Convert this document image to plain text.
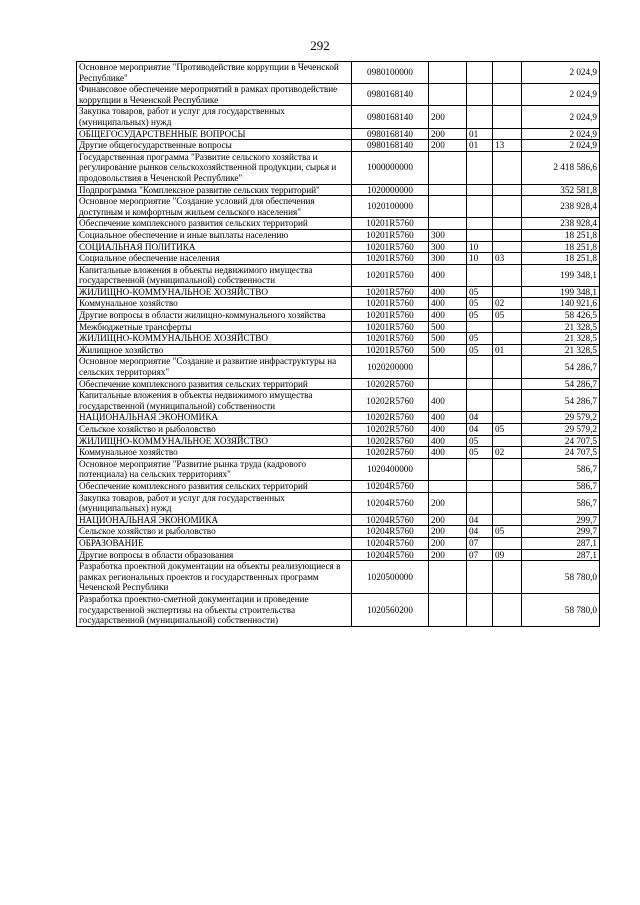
292
Основное мероприятие "Противодействие коррупции в Чеченской Республике"	0980100000				2 024,9
Финансовое обеспечение мероприятий в рамках противодействие коррупции в Чеченской Республике	0980168140				2 024,9
Закупка товаров, работ и услуг для государственных (муниципальных) нужд	0980168140	200			2 024,9
ОБЩЕГОСУДАРСТВЕННЫЕ ВОПРОСЫ	0980168140	200	01		2 024,9
Другие общегосударственные вопросы	0980168140	200	01	13	2 024,9
Государственная программа "Развитие сельского хозяйства и регулирование рынков сельскохозяйственной продукции, сырья и продовольствия в Чеченской Республике"	1000000000				2 418 586,6
Подпрограмма "Комплексное развитие сельских территорий"	1020000000				352 581,8
Основное мероприятие "Создание условий для обеспечения доступным и комфортным жильем сельского населения"	1020100000				238 928,4
Обеспечение комплексного развития сельских территорий	10201R5760				238 928,4
Социальное обеспечение и иные выплаты населению	10201R5760	300			18 251,8
СОЦИАЛЬНАЯ ПОЛИТИКА	10201R5760	300	10		18 251,8
Социальное обеспечение населения	10201R5760	300	10	03	18 251,8
Капитальные вложения в объекты недвижимого имущества государственной (муниципальной) собственности	10201R5760	400			199 348,1
ЖИЛИЩНО-КОММУНАЛЬНОЕ ХОЗЯЙСТВО	10201R5760	400	05		199 348,1
Коммунальное хозяйство	10201R5760	400	05	02	140 921,6
Другие вопросы в области жилищно-коммунального хозяйства	10201R5760	400	05	05	58 426,5
Межбюджетные трансферты	10201R5760	500			21 328,5
ЖИЛИЩНО-КОММУНАЛЬНОЕ ХОЗЯЙСТВО	10201R5760	500	05		21 328,5
Жилищное хозяйство	10201R5760	500	05	01	21 328,5
Основное мероприятие "Создание и развитие инфраструктуры на сельских территориях"	1020200000				54 286,7
Обеспечение комплексного развития сельских территорий	10202R5760				54 286,7
Капитальные вложения в объекты недвижимого имущества государственной (муниципальной) собственности	10202R5760	400			54 286,7
НАЦИОНАЛЬНАЯ ЭКОНОМИКА	10202R5760	400	04		29 579,2
Сельское хозяйство и рыболовство	10202R5760	400	04	05	29 579,2
ЖИЛИЩНО-КОММУНАЛЬНОЕ ХОЗЯЙСТВО	10202R5760	400	05		24 707,5
Коммунальное хозяйство	10202R5760	400	05	02	24 707,5
Основное мероприятие "Развитие рынка труда (кадрового потенциала) на сельских территориях"	1020400000				586,7
Обеспечение комплексного развития сельских территорий	10204R5760				586,7
Закупка товаров, работ и услуг для государственных (муниципальных) нужд	10204R5760	200			586,7
НАЦИОНАЛЬНАЯ ЭКОНОМИКА	10204R5760	200	04		299,7
Сельское хозяйство и рыболовство	10204R5760	200	04	05	299,7
ОБРАЗОВАНИЕ	10204R5760	200	07		287,1
Другие вопросы в области образования	10204R5760	200	07	09	287,1
Разработка проектной документации на объекты реализующиеся в рамках региональных проектов и государственных программ Чеченской Республики	1020500000				58 780,0
Разработка проектно-сметной документации и проведение государственной экспертизы на объекты строительства государственной (муниципальной) собственности)	1020560200				58 780,0
